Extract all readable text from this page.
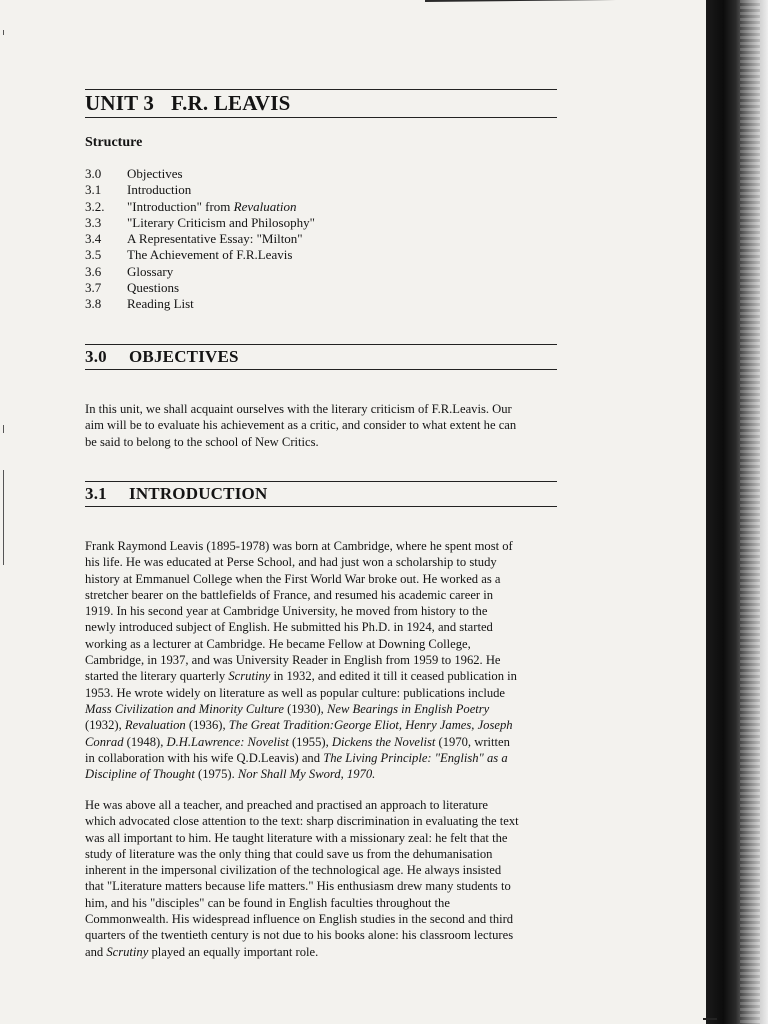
UNIT 3 F.R. LEAVIS
Structure
3.0	Objectives
3.1	Introduction
3.2.	"Introduction" from Revaluation
3.3	"Literary Criticism and Philosophy"
3.4	A Representative Essay: "Milton"
3.5	The Achievement of F.R.Leavis
3.6	Glossary
3.7	Questions
3.8	Reading List
3.0 OBJECTIVES

In this unit, we shall acquaint ourselves with the literary criticism of F.R.Leavis. Our
aim will be to evaluate his achievement as a critic, and consider to what extent he can
be said to belong to the school of New Critics.

3.1 INTRODUCTION

Frank Raymond Leavis (1895-1978) was born at Cambridge, where he spent most of
his life. He was educated at Perse School, and had just won a scholarship to study
history at Emmanuel College when the First World War broke out. He worked as a
stretcher bearer on the battlefields of France, and resumed his academic career in
1919. In his second year at Cambridge University, he moved from history to the
newly introduced subject of English. He submitted his Ph.D. in 1924, and started
working as a lecturer at Cambridge. He became Fellow at Downing College,
Cambridge, in 1937, and was University Reader in English from 1959 to 1962. He
started the literary quarterly Scrutiny in 1932, and edited it till it ceased publication in
1953. He wrote widely on literature as well as popular culture: publications include
Mass Civilization and Minority Culture (1930), New Bearings in English Poetry
(1932), Revaluation (1936), The Great Tradition:George Eliot, Henry James, Joseph
Conrad (1948), D.H.Lawrence: Novelist (1955), Dickens the Novelist (1970, written
in collaboration with his wife Q.D.Leavis) and The Living Principle: "English" as a
Discipline of Thought (1975). Nor Shall My Sword, 1970.

He was above all a teacher, and preached and practised an approach to literature
which advocated close attention to the text: sharp discrimination in evaluating the text
was all important to him. He taught literature with a missionary zeal: he felt that the
study of literature was the only thing that could save us from the dehumanisation
inherent in the impersonal civilization of the technological age. He always insisted
that "Literature matters because life matters." His enthusiasm drew many students to
him, and his "disciples" can be found in English faculties throughout the
Commonwealth. His widespread influence on English studies in the second and third
quarters of the twentieth century is not due to his books alone: his classroom lectures
and Scrutiny played an equally important role.
